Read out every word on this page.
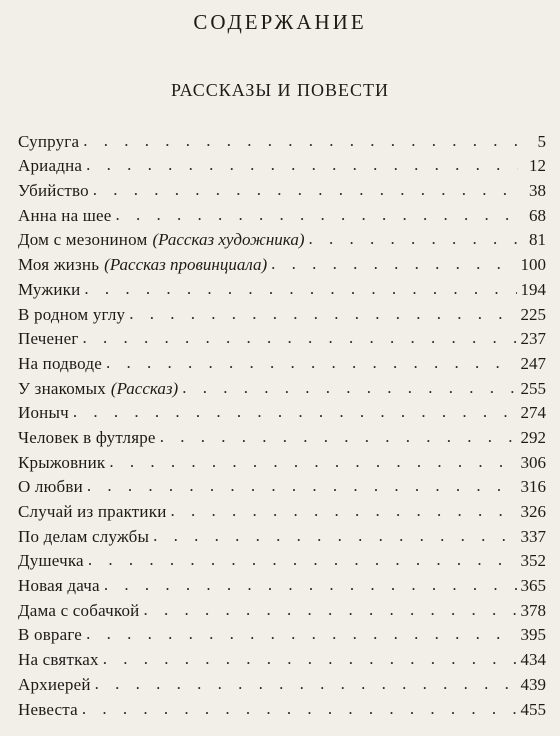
СОДЕРЖАНИЕ
РАССКАЗЫ И ПОВЕСТИ
Супруга . . .	5
Ариадна . . .	12
Убийство . . .	38
Анна на шее . . .	68
Дом с мезонином (Рассказ художника) . . .	81
Моя жизнь (Рассказ провинциала) . . .	100
Мужики . . .	194
В родном углу . . .	225
Печенег . . .	237
На подводе . . .	247
У знакомых (Рассказ) . . .	255
Ионыч . . .	274
Человек в футляре . . .	292
Крыжовник . . .	306
О любви . . .	316
Случай из практики . . .	326
По делам службы . . .	337
Душечка . . .	352
Новая дача . . .	365
Дама с собачкой . . .	378
В овраге . . .	395
На святках . . .	434
Архиерей . . .	439
Невеста . . .	455
